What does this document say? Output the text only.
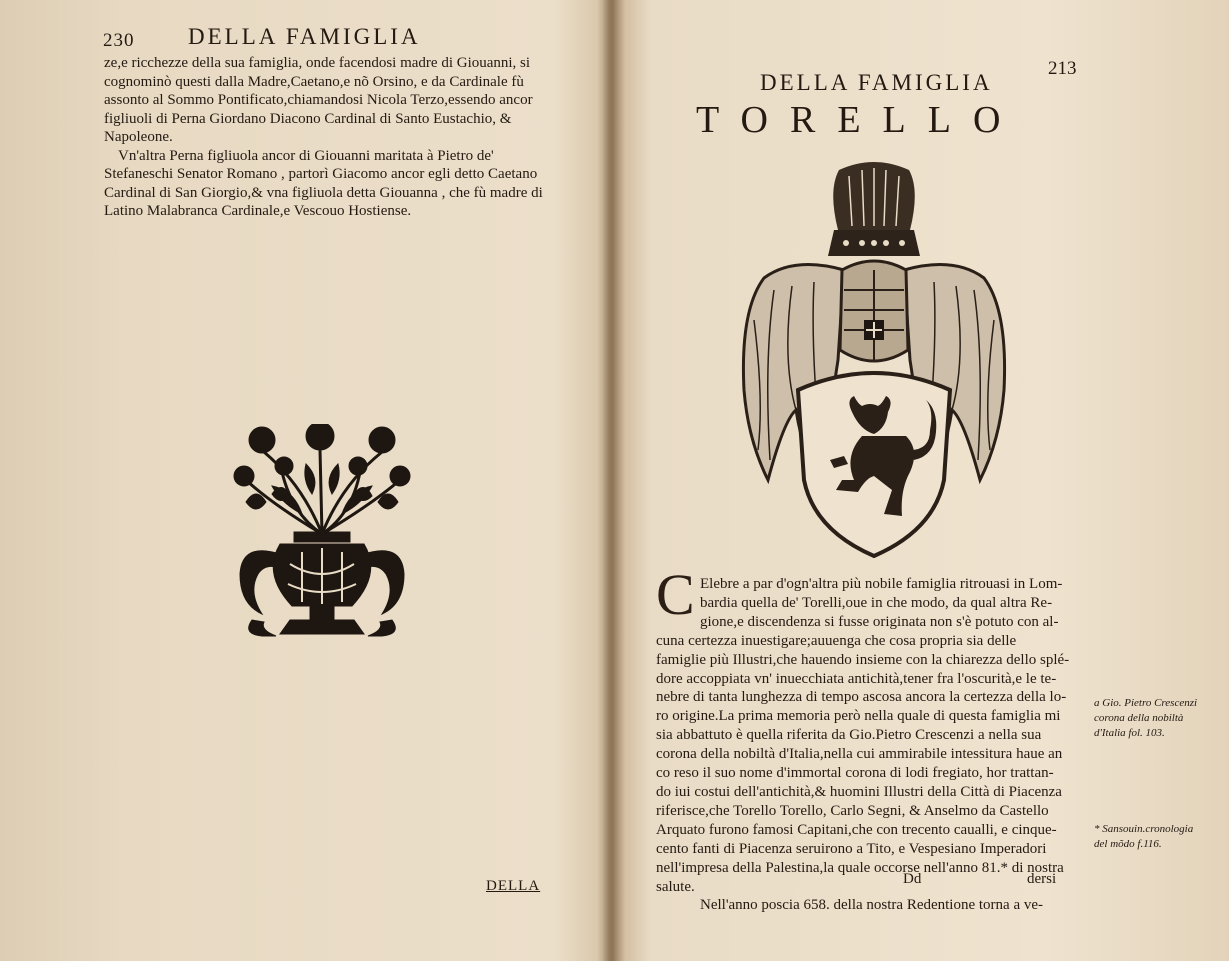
230 DELLA FAMIGLIA

ze,e ricchezze della sua famiglia, onde facendosi madre di Giouanni, si cognominò questi dalla Madre,Caetano,e nõ Orsino, e da Cardinale fù assonto al Sommo Pontificato,chiamandosi Nicola Terzo,essendo ancor figliuoli di Perna Giordano Diacono Cardinal di Santo Eustachio, & Napoleone.

Vn'altra Perna figliuola ancor di Giouanni maritata à Pietro de' Stefaneschi Senator Romano , partorì Giacomo ancor egli detto Caetano Cardinal di San Giorgio,& vna figliuola detta Giouanna , che fù madre di Latino Malabranca Cardinale,e Vescouo Hostiense.

DELLA
213
DELLA FAMIGLIA
TORELLO
C Elebre a par d'ogn'altra più nobile famiglia ritrouasi in Lom-
bardia quella de' Torelli,oue in che modo, da qual altra Re-
gione,e discendenza si fusse originata non s'è potuto con al-
cuna certezza inuestigare;auuenga che cosa propria sia delle
famiglie più Illustri,che hauendo insieme con la chiarezza dello splé-
dore accoppiata vn' inuecchiata antichità,tener fra l'oscurità,e le te-
nebre di tanta lunghezza di tempo ascosa ancora la certezza della lo-
ro origine.La prima memoria però nella quale di questa famiglia mi
sia abbattuto è quella riferita da Gio.Pietro Crescenzi a nella sua
corona della nobiltà d'Italia,nella cui ammirabile intessitura haue an
co reso il suo nome d'immortal corona di lodi fregiato, hor trattan-
do iui costui dell'antichità,& huomini Illustri della Città di Piacenza
riferisce,che Torello Torello, Carlo Segni, & Anselmo da Castello
Arquato furono famosi Capitani,che con trecento caualli, e cinque-
cento fanti di Piacenza seruirono a Tito, e Vespesiano Imperadori
nell'impresa della Palestina,la quale occorse nell'anno 81.* di nostra
salute.
Nell'anno poscia 658. della nostra Redentione torna a ve-
a Gio. Pietro Crescenzi corona della nobiltà d'Italia fol. 103.
* Sansouin.cronologia del mõdo f.116.
Dd	dersi
